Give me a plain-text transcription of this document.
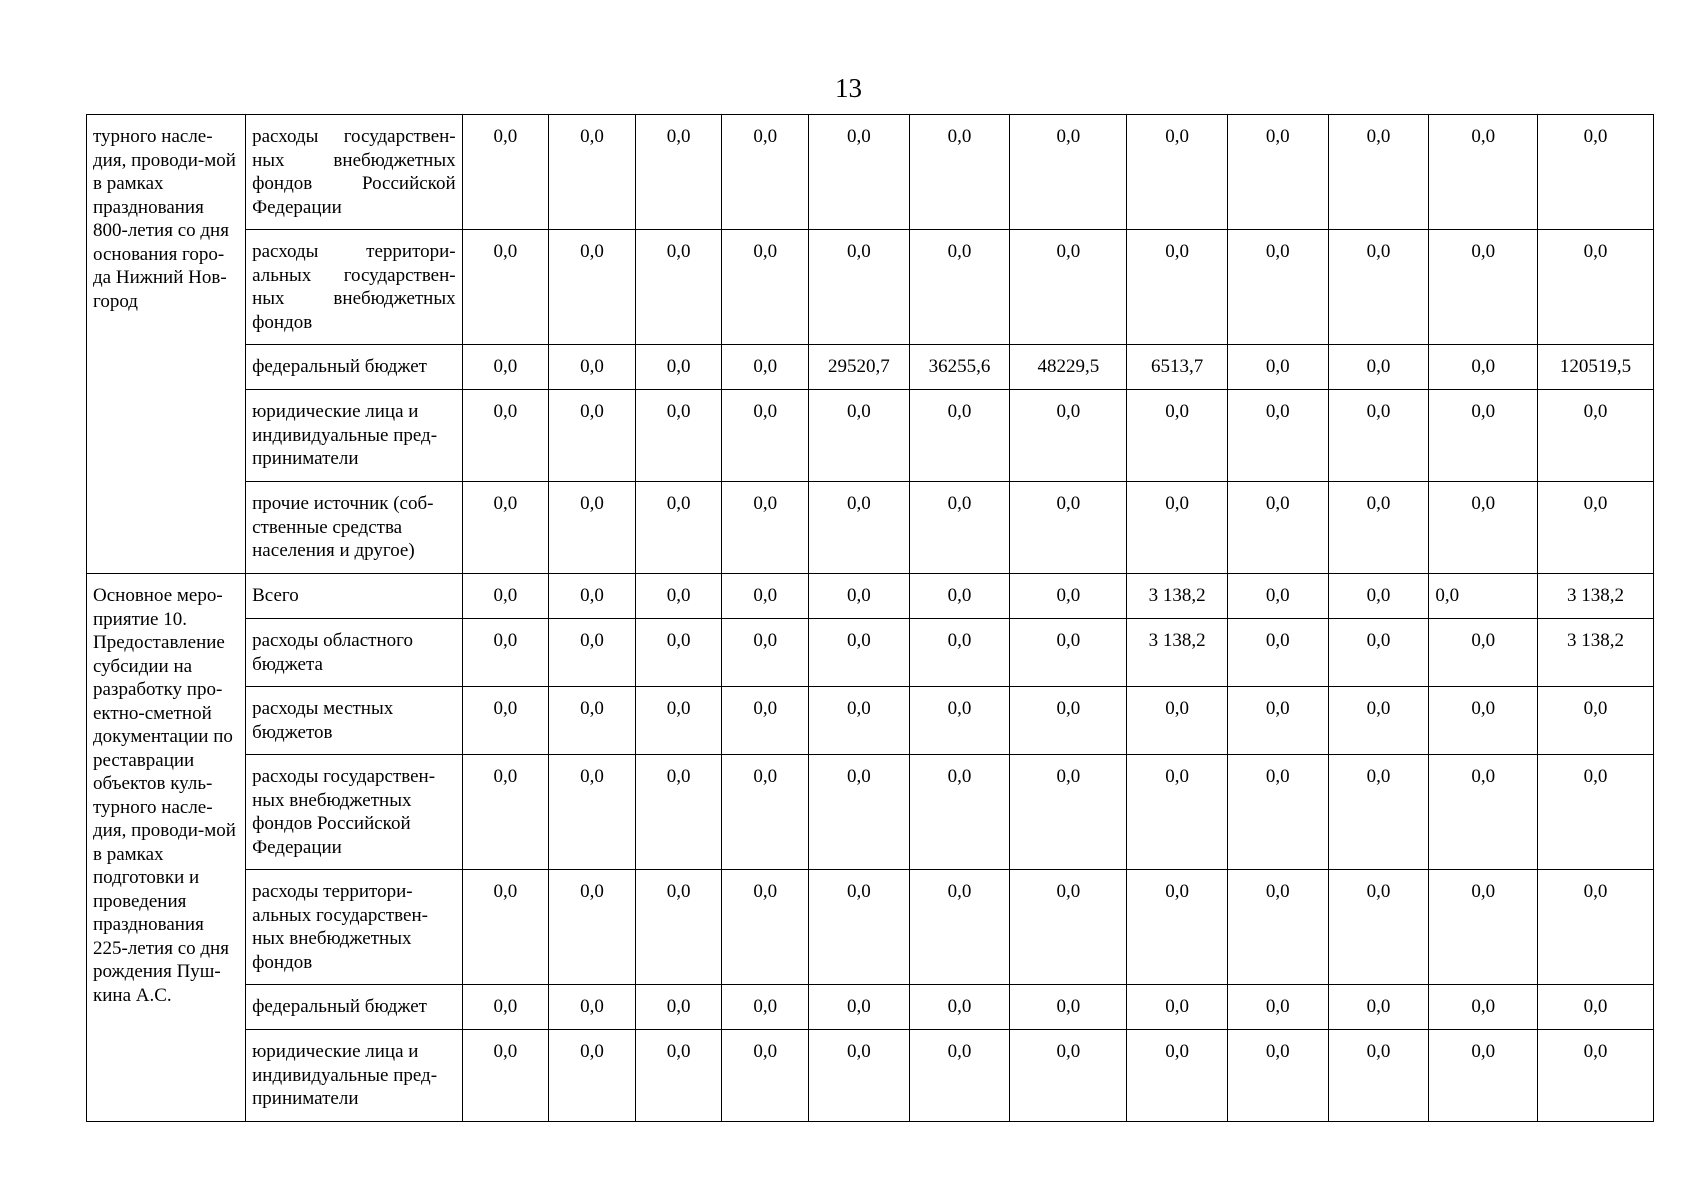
13
турного насле-дия, проводи-мой в рамках празднования 800-летия со дня основания горо-да Нижний Нов-город	расходы государствен-ных внебюджетных фондов Российской Федерации	0,0	0,0	0,0	0,0	0,0	0,0	0,0	0,0	0,0	0,0	0,0	0,0
	расходы территори-альных государствен-ных внебюджетных фондов	0,0	0,0	0,0	0,0	0,0	0,0	0,0	0,0	0,0	0,0	0,0	0,0
	федеральный бюджет	0,0	0,0	0,0	0,0	29520,7	36255,6	48229,5	6513,7	0,0	0,0	0,0	120519,5
	юридические лица и индивидуальные пред-приниматели	0,0	0,0	0,0	0,0	0,0	0,0	0,0	0,0	0,0	0,0	0,0	0,0
	прочие источник (соб-ственные средства населения и другое)	0,0	0,0	0,0	0,0	0,0	0,0	0,0	0,0	0,0	0,0	0,0	0,0
Основное меро-приятие 10. Предоставление субсидии на разработку про-ектно-сметной документации по реставрации объектов куль-турного насле-дия, проводи-мой в рамках подготовки и проведения празднования 225-летия со дня рождения Пуш-кина А.С.	Всего	0,0	0,0	0,0	0,0	0,0	0,0	0,0	3 138,2	0,0	0,0	0,0	3 138,2
	расходы областного бюджета	0,0	0,0	0,0	0,0	0,0	0,0	0,0	3 138,2	0,0	0,0	0,0	3 138,2
	расходы местных бюджетов	0,0	0,0	0,0	0,0	0,0	0,0	0,0	0,0	0,0	0,0	0,0	0,0
	расходы государствен-ных внебюджетных фондов Российской Федерации	0,0	0,0	0,0	0,0	0,0	0,0	0,0	0,0	0,0	0,0	0,0	0,0
	расходы территори-альных государствен-ных внебюджетных фондов	0,0	0,0	0,0	0,0	0,0	0,0	0,0	0,0	0,0	0,0	0,0	0,0
	федеральный бюджет	0,0	0,0	0,0	0,0	0,0	0,0	0,0	0,0	0,0	0,0	0,0	0,0
	юридические лица и индивидуальные пред-приниматели	0,0	0,0	0,0	0,0	0,0	0,0	0,0	0,0	0,0	0,0	0,0	0,0
